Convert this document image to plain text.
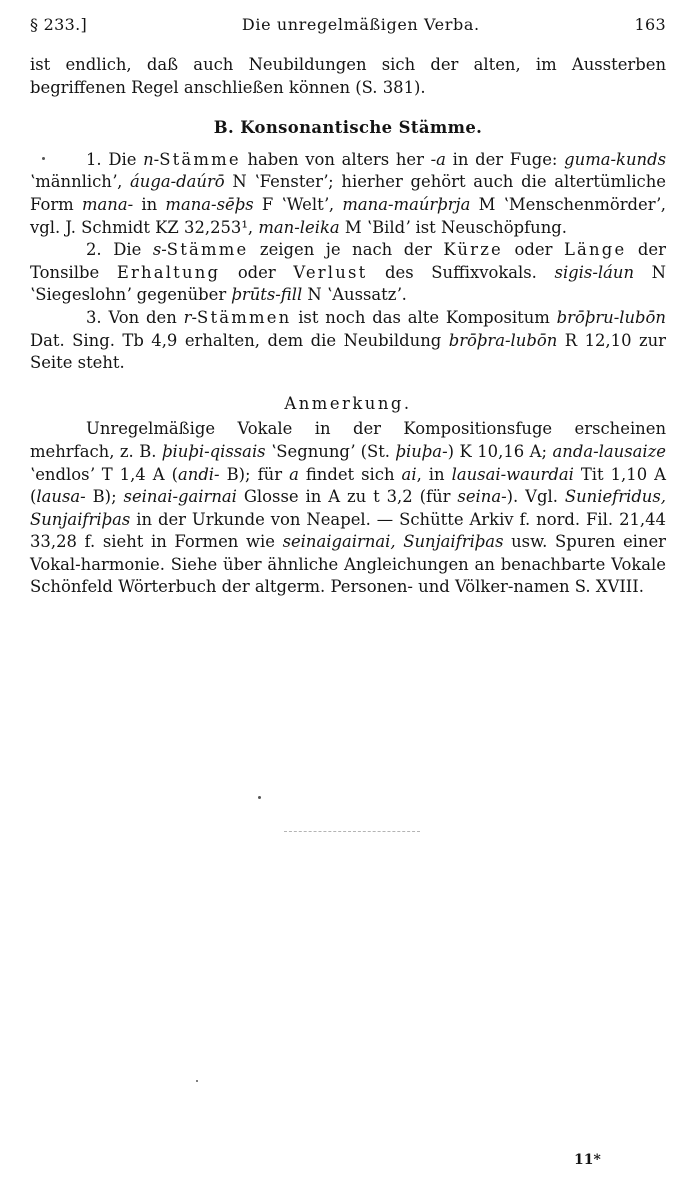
§ 233.]	Die unregelmäßigen Verba.	163

ist endlich, daß auch Neubildungen sich der alten, im Aussterben begriffenen Regel anschließen können (S. 381).

B. Konsonantische Stämme.

1. Die n-Stämme haben von alters her -a in der Fuge: guma-kunds ʽmännlichʼ, áuga-daúrō N ʽFensterʼ; hierher gehört auch die altertümliche Form mana- in mana-sēþs F ʽWeltʼ, mana-maúrþrja M ʽMenschenmörderʼ, vgl. J. Schmidt KZ 32,253¹, man-leika M ʽBildʼ ist Neuschöpfung.

2. Die s-Stämme zeigen je nach der Kürze oder Länge der Tonsilbe Erhaltung oder Verlust des Suffixvokals. sigis-láun N ʽSiegeslohnʼ gegenüber þrūts-fill N ʽAussatzʼ.

3. Von den r-Stämmen ist noch das alte Kompositum brōþru-lubōn Dat. Sing. Tb 4,9 erhalten, dem die Neubildung brōþra-lubōn R 12,10 zur Seite steht.

Anmerkung.

Unregelmäßige Vokale in der Kompositionsfuge erscheinen mehrfach, z. B. þiuþi-qissais ʽSegnungʼ (St. þiuþa-) K 10,16 A; anda-lausaize ʽendlosʼ T 1,4 A (andi- B); für a findet sich ai, in lausai-waurdai Tit 1,10 A (lausa- B); seinai-gairnai Glosse in A zu t 3,2 (für seina-). Vgl. Suniefridus, Sunjaifriþas in der Urkunde von Neapel. — Schütte Arkiv f. nord. Fil. 21,44 33,28 f. sieht in Formen wie seinaigairnai, Sunjaifriþas usw. Spuren einer Vokal-harmonie. Siehe über ähnliche Angleichungen an benachbarte Vokale Schönfeld Wörterbuch der altgerm. Personen- und Völker-namen S. XVIII.

11*
